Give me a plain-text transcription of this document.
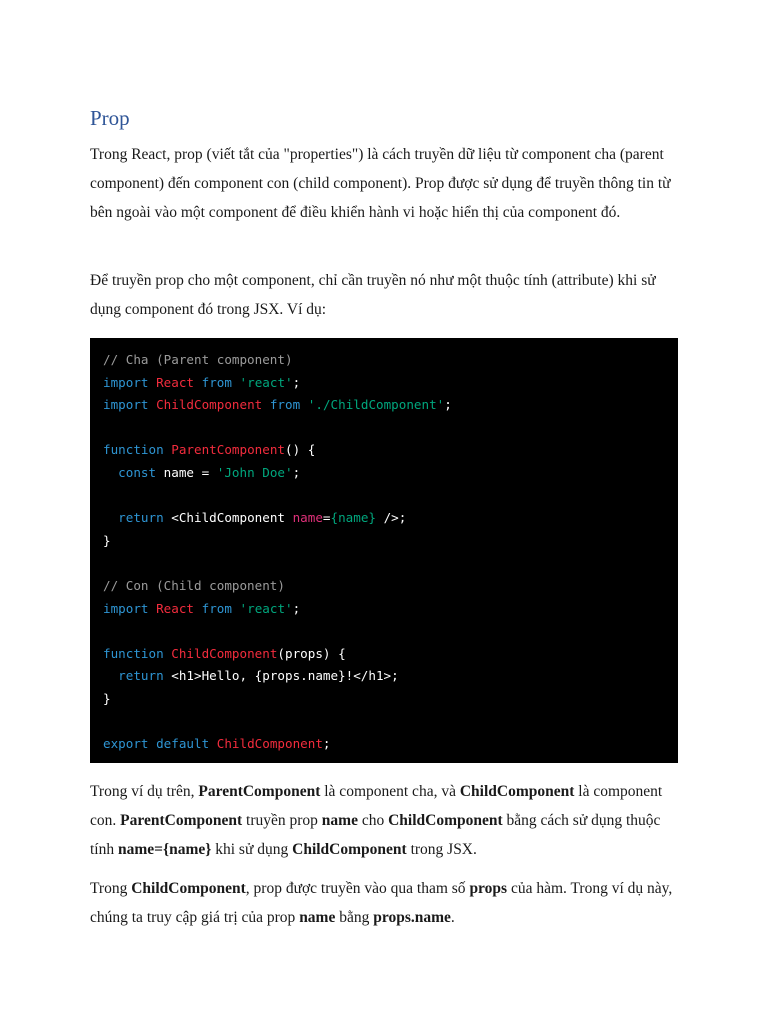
Prop

Trong React, prop (viết tắt của "properties") là cách truyền dữ liệu từ component cha (parent component) đến component con (child component). Prop được sử dụng để truyền thông tin từ bên ngoài vào một component để điều khiển hành vi hoặc hiển thị của component đó.

Để truyền prop cho một component, chỉ cần truyền nó như một thuộc tính (attribute) khi sử dụng component đó trong JSX. Ví dụ:

// Cha (Parent component)
import React from 'react';
import ChildComponent from './ChildComponent';
function ParentComponent() {
const name = 'John Doe';
return <ChildComponent name={name} />;
}
// Con (Child component)
import React from 'react';
function ChildComponent(props) {
return <h1>Hello, {props.name}!</h1>;
}
export default ChildComponent;

Trong ví dụ trên, ParentComponent là component cha, và ChildComponent là component con. ParentComponent truyền prop name cho ChildComponent bằng cách sử dụng thuộc tính name={name} khi sử dụng ChildComponent trong JSX.

Trong ChildComponent, prop được truyền vào qua tham số props của hàm. Trong ví dụ này, chúng ta truy cập giá trị của prop name bằng props.name.
